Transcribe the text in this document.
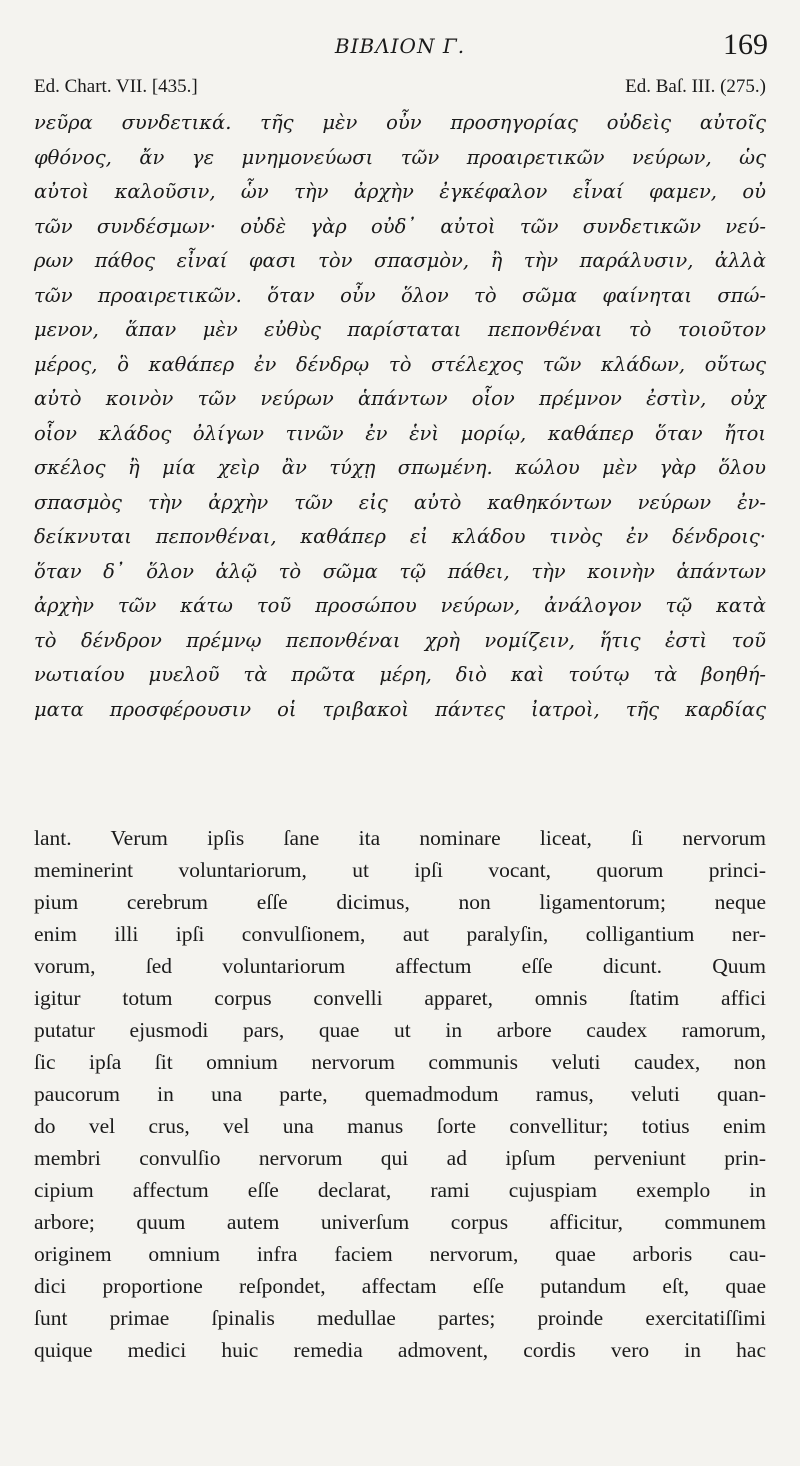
ΒΙΒΛΙΟΝ Γ.	169
Ed. Chart. VII. [435.]	Ed. Baſ. III. (275.)
νεῦρα συνδετικά. τῆς μὲν οὖν προσηγορίας οὐδεὶς αὐτοῖς
φθόνος, ἄν γε μνημονεύωσι τῶν προαιρετικῶν νεύρων, ὡς
αὐτοὶ καλοῦσιν, ὧν τὴν ἀρχὴν ἐγκέφαλον εἶναί φαμεν, οὐ
τῶν συνδέσμων· οὐδὲ γὰρ οὐδ᾽ αὐτοὶ τῶν συνδετικῶν νεύ-
ρων πάθος εἶναί φασι τὸν σπασμὸν, ἢ τὴν παράλυσιν, ἀλλὰ
τῶν προαιρετικῶν. ὅταν οὖν ὅλον τὸ σῶμα φαίνηται σπώ-
μενον, ἅπαν μὲν εὐθὺς παρίσταται πεπονθέναι τὸ τοιοῦτον
μέρος, ὃ καθάπερ ἐν δένδρῳ τὸ στέλεχος τῶν κλάδων, οὕτως
αὐτὸ κοινὸν τῶν νεύρων ἁπάντων οἷον πρέμνον ἐστὶν, οὐχ
οἷον κλάδος ὀλίγων τινῶν ἐν ἑνὶ μορίῳ, καθάπερ ὅταν ἤτοι
σκέλος ἢ μία χεὶρ ἂν τύχῃ σπωμένη. κώλου μὲν γὰρ ὅλου
σπασμὸς τὴν ἀρχὴν τῶν εἰς αὐτὸ καθηκόντων νεύρων ἐν-
δείκνυται πεπονθέναι, καθάπερ εἰ κλάδου τινὸς ἐν δένδροις·
ὅταν δ᾽ ὅλον ἁλῷ τὸ σῶμα τῷ πάθει, τὴν κοινὴν ἁπάντων
ἀρχὴν τῶν κάτω τοῦ προσώπου νεύρων, ἀνάλογον τῷ κατὰ
τὸ δένδρον πρέμνῳ πεπονθέναι χρὴ νομίζειν, ἥτις ἐστὶ τοῦ
νωτιαίου μυελοῦ τὰ πρῶτα μέρη, διὸ καὶ τούτῳ τὰ βοηθή-
ματα προσφέρουσιν οἱ τριβακοὶ πάντες ἰατροὶ, τῆς καρδίας
lant. Verum ipſis ſane ita nominare liceat, ſi nervorum
meminerint voluntariorum, ut ipſi vocant, quorum princi-
pium cerebrum eſſe dicimus, non ligamentorum; neque
enim illi ipſi convulſionem, aut paralyſin, colligantium ner-
vorum, ſed voluntariorum affectum eſſe dicunt. Quum
igitur totum corpus convelli apparet, omnis ſtatim affici
putatur ejusmodi pars, quae ut in arbore caudex ramorum,
ſic ipſa ſit omnium nervorum communis veluti caudex, non
paucorum in una parte, quemadmodum ramus, veluti quan-
do vel crus, vel una manus ſorte convellitur; totius enim
membri convulſio nervorum qui ad ipſum perveniunt prin-
cipium affectum eſſe declarat, rami cujuspiam exemplo in
arbore; quum autem univerſum corpus afficitur, communem
originem omnium infra faciem nervorum, quae arboris cau-
dici proportione reſpondet, affectam eſſe putandum eſt, quae
ſunt primae ſpinalis medullae partes; proinde exercitatiſſimi
quique medici huic remedia admovent, cordis vero in hac
